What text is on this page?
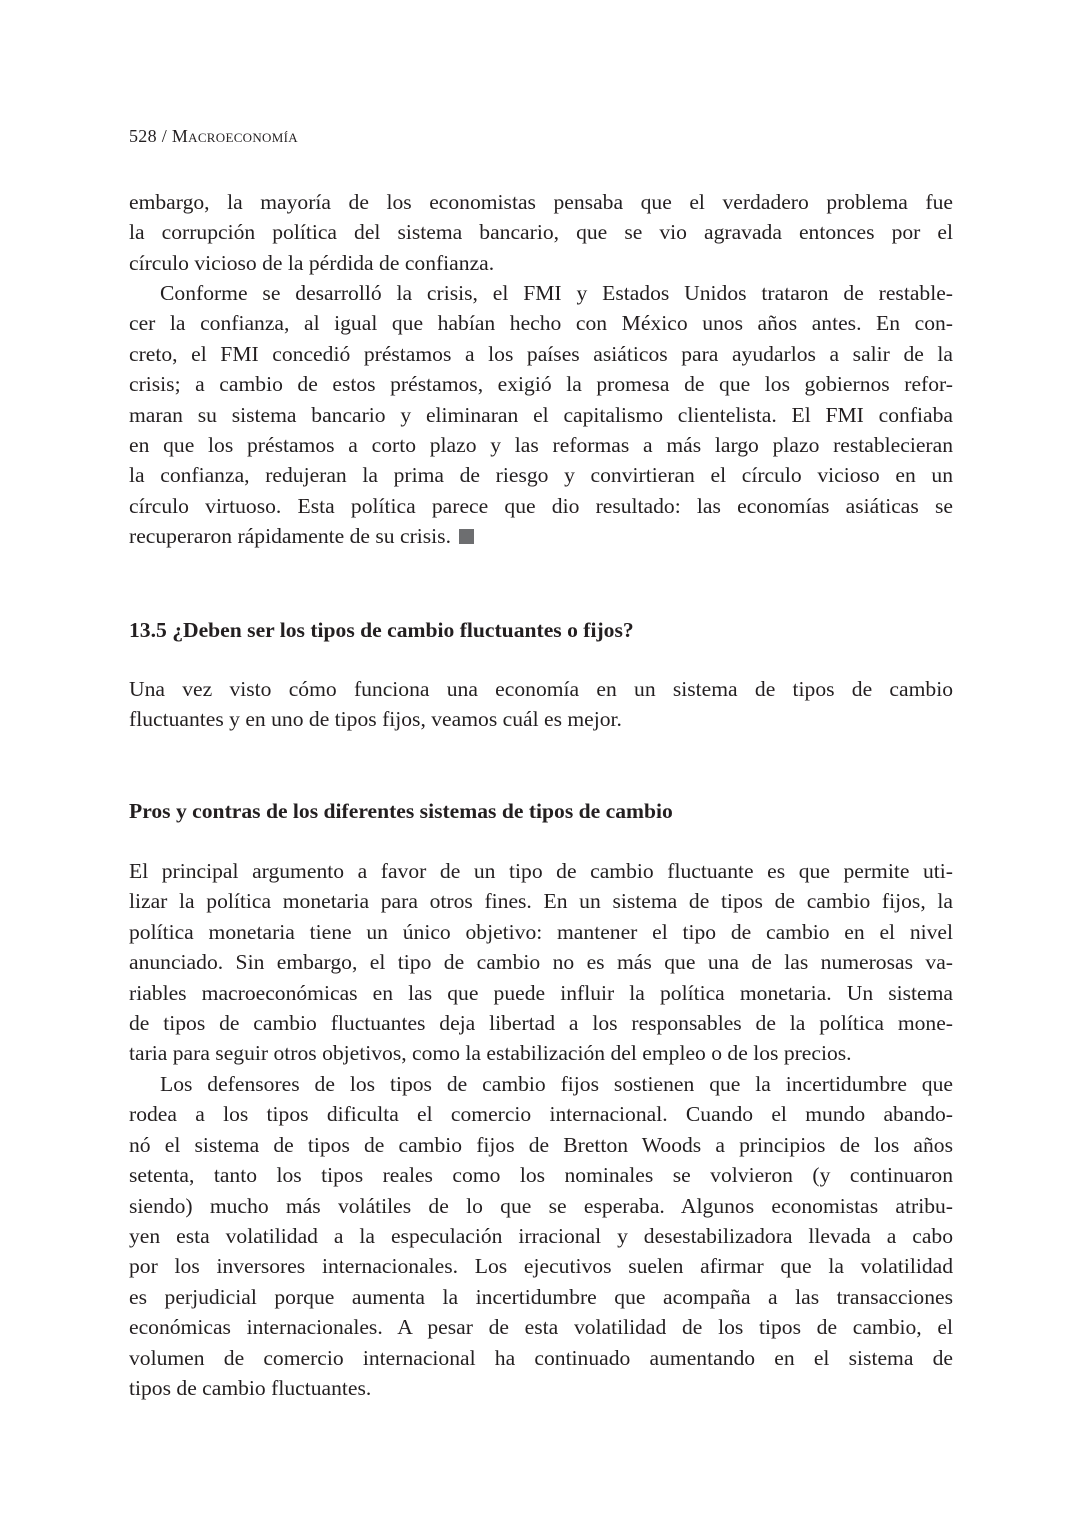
528 / Macroeconomía
embargo, la mayoría de los economistas pensaba que el verdadero problema fue
la corrupción política del sistema bancario, que se vio agravada entonces por el
círculo vicioso de la pérdida de confianza.
Conforme se desarrolló la crisis, el FMI y Estados Unidos trataron de restable-
cer la confianza, al igual que habían hecho con México unos años antes. En con-
creto, el FMI concedió préstamos a los países asiáticos para ayudarlos a salir de la
crisis; a cambio de estos préstamos, exigió la promesa de que los gobiernos refor-
maran su sistema bancario y eliminaran el capitalismo clientelista. El FMI confiaba
en que los préstamos a corto plazo y las reformas a más largo plazo restablecieran
la confianza, redujeran la prima de riesgo y convirtieran el círculo vicioso en un
círculo virtuoso. Esta política parece que dio resultado: las economías asiáticas se
recuperaron rápidamente de su crisis.
13.5 ¿Deben ser los tipos de cambio fluctuantes o fijos?
Una vez visto cómo funciona una economía en un sistema de tipos de cambio
fluctuantes y en uno de tipos fijos, veamos cuál es mejor.
Pros y contras de los diferentes sistemas de tipos de cambio
El principal argumento a favor de un tipo de cambio fluctuante es que permite uti-
lizar la política monetaria para otros fines. En un sistema de tipos de cambio fijos, la
política monetaria tiene un único objetivo: mantener el tipo de cambio en el nivel
anunciado. Sin embargo, el tipo de cambio no es más que una de las numerosas va-
riables macroeconómicas en las que puede influir la política monetaria. Un sistema
de tipos de cambio fluctuantes deja libertad a los responsables de la política mone-
taria para seguir otros objetivos, como la estabilización del empleo o de los precios.
Los defensores de los tipos de cambio fijos sostienen que la incertidumbre que
rodea a los tipos dificulta el comercio internacional. Cuando el mundo abando-
nó el sistema de tipos de cambio fijos de Bretton Woods a principios de los años
setenta, tanto los tipos reales como los nominales se volvieron (y continuaron
siendo) mucho más volátiles de lo que se esperaba. Algunos economistas atribu-
yen esta volatilidad a la especulación irracional y desestabilizadora llevada a cabo
por los inversores internacionales. Los ejecutivos suelen afirmar que la volatilidad
es perjudicial porque aumenta la incertidumbre que acompaña a las transacciones
económicas internacionales. A pesar de esta volatilidad de los tipos de cambio, el
volumen de comercio internacional ha continuado aumentando en el sistema de
tipos de cambio fluctuantes.
